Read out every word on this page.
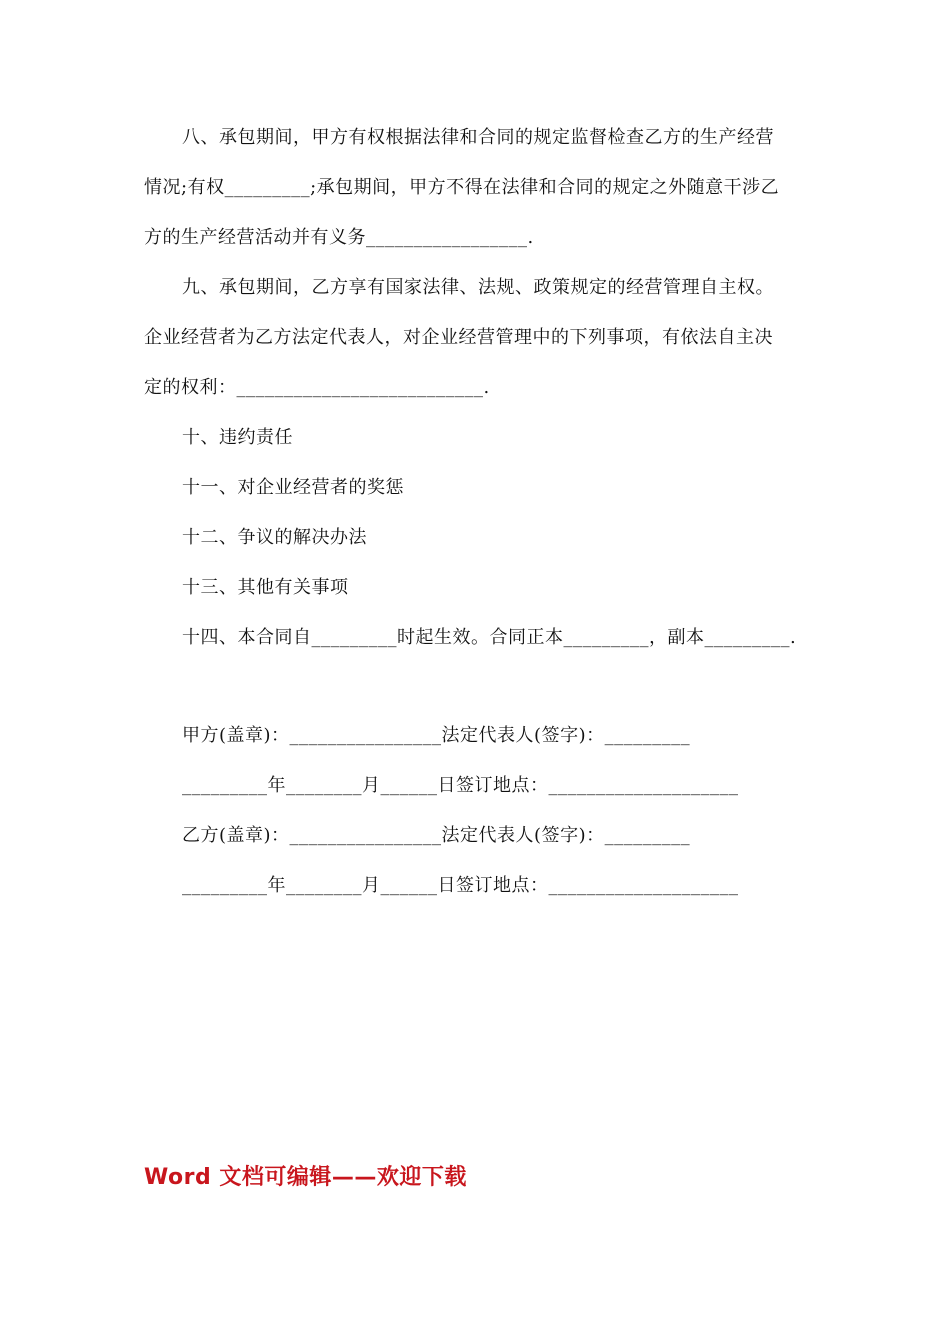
八、承包期间，甲方有权根据法律和合同的规定监督检查乙方的生产经营
情况;有权_________;承包期间，甲方不得在法律和合同的规定之外随意干涉乙
方的生产经营活动并有义务_________________.
九、承包期间，乙方享有国家法律、法规、政策规定的经营管理自主权。
企业经营者为乙方法定代表人，对企业经营管理中的下列事项，有依法自主决
定的权利：__________________________.
十、违约责任
十一、对企业经营者的奖惩
十二、争议的解决办法
十三、其他有关事项
十四、本合同自_________时起生效。合同正本_________，副本_________.
甲方(盖章)：________________法定代表人(签字)：_________
_________年________月______日签订地点：____________________
乙方(盖章)：________________法定代表人(签字)：_________
_________年________月______日签订地点：____________________
Word 文档可编辑——欢迎下载
